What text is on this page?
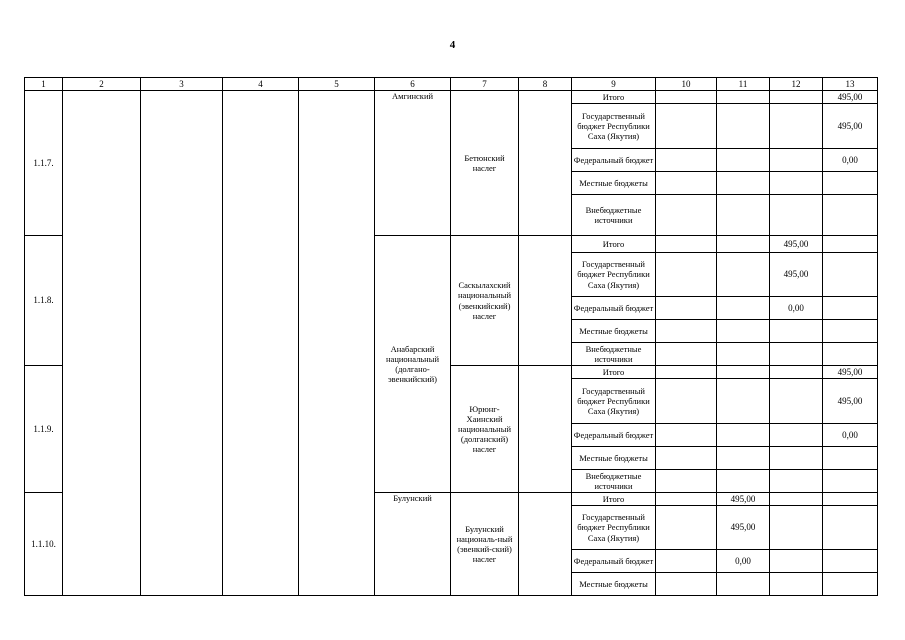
4
1	2	3	4	5	6	7	8	9	10	11	12	13
1.1.7.					Амгинский	Бетюнский наслег		Итого				495,00
								Государственный бюджет Республики Саха (Якутия)				495,00
								Федеральный бюджет				0,00
								Местные бюджеты				
								Внебюджетные источники				
1.1.8.					Анабарский национальный (долгано-эвенкийский)	Саскылахский национальный (эвенкийский) наслег		Итого			495,00	
								Государственный бюджет Республики Саха (Якутия)			495,00	
								Федеральный бюджет			0,00	
								Местные бюджеты				
								Внебюджетные источники				
1.1.9.						Юрюнг-Хаинский национальный (долганский) наслег		Итого				495,00
								Государственный бюджет Республики Саха (Якутия)				495,00
								Федеральный бюджет				0,00
								Местные бюджеты				
								Внебюджетные источники				
1.1.10.					Булунский	Булунский националь-ный (эвенкий-ский) наслег		Итого		495,00		
								Государственный бюджет Республики Саха (Якутия)		495,00		
								Федеральный бюджет		0,00		
								Местные бюджеты				
